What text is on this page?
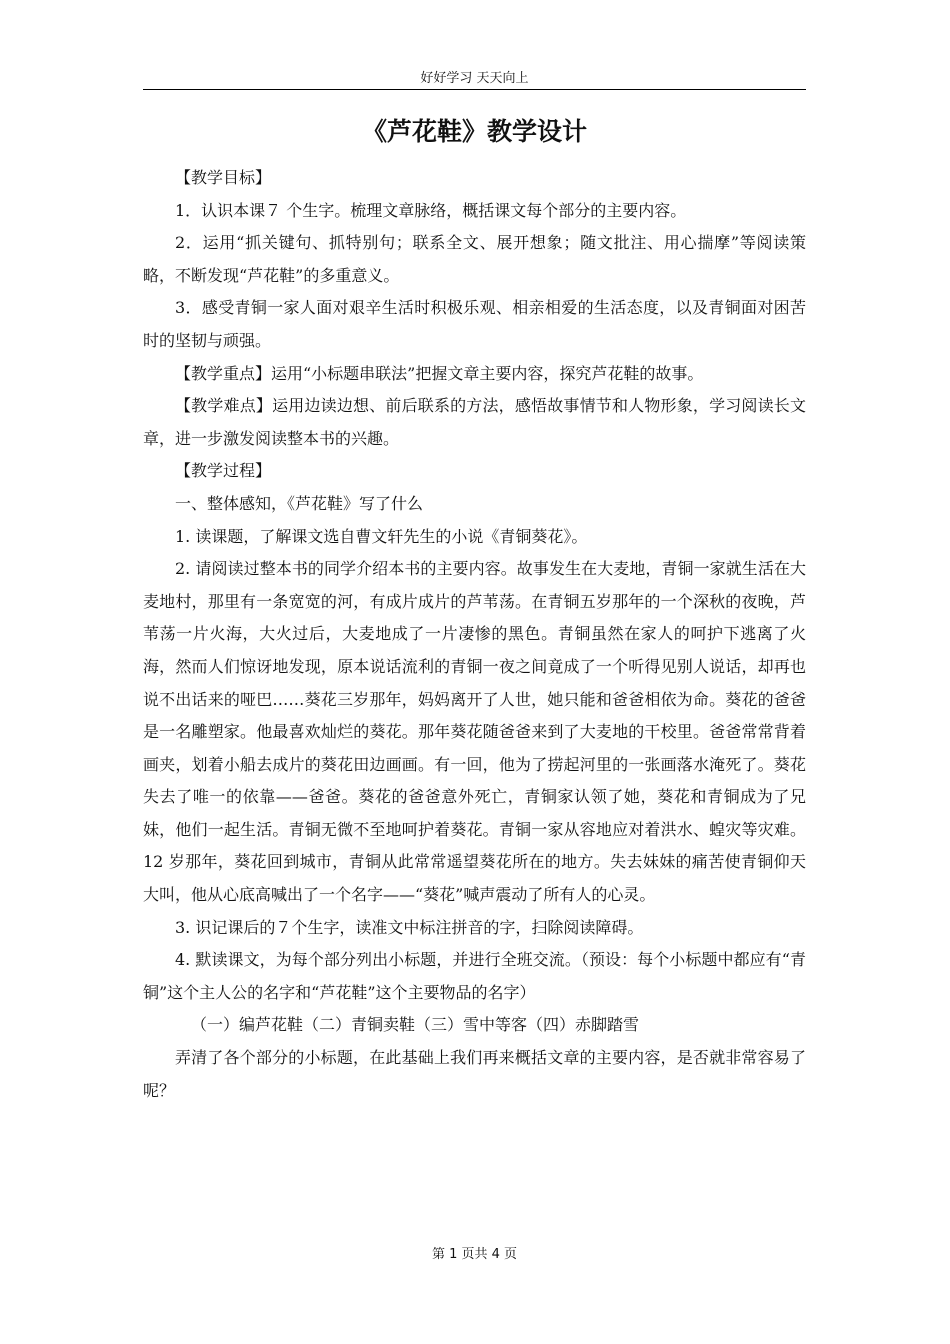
好好学习 天天向上
《芦花鞋》教学设计

【教学目标】

1．认识本课７ 个生字。梳理文章脉络，概括课文每个部分的主要内容。

2．运用“抓关键句、抓特别句；联系全文、展开想象；随文批注、用心揣摩”等阅读策略，不断发现“芦花鞋”的多重意义。

3．感受青铜一家人面对艰辛生活时积极乐观、相亲相爱的生活态度，以及青铜面对困苦时的坚韧与顽强。

【教学重点】运用“小标题串联法”把握文章主要内容，探究芦花鞋的故事。

【教学难点】运用边读边想、前后联系的方法，感悟故事情节和人物形象，学习阅读长文章，进一步激发阅读整本书的兴趣。

【教学过程】

一、整体感知，《芦花鞋》写了什么

1. 读课题，了解课文选自曹文轩先生的小说《青铜葵花》。

2. 请阅读过整本书的同学介绍本书的主要内容。故事发生在大麦地，青铜一家就生活在大麦地村，那里有一条宽宽的河，有成片成片的芦苇荡。在青铜五岁那年的一个深秋的夜晚，芦苇荡一片火海，大火过后，大麦地成了一片凄惨的黑色。青铜虽然在家人的呵护下逃离了火海，然而人们惊讶地发现，原本说话流利的青铜一夜之间竟成了一个听得见别人说话，却再也说不出话来的哑巴……葵花三岁那年，妈妈离开了人世，她只能和爸爸相依为命。葵花的爸爸是一名雕塑家。他最喜欢灿烂的葵花。那年葵花随爸爸来到了大麦地的干校里。爸爸常常背着画夹，划着小船去成片的葵花田边画画。有一回，他为了捞起河里的一张画落水淹死了。葵花失去了唯一的依靠——爸爸。葵花的爸爸意外死亡，青铜家认领了她，葵花和青铜成为了兄妹，他们一起生活。青铜无微不至地呵护着葵花。青铜一家从容地应对着洪水、蝗灾等灾难。12 岁那年，葵花回到城市，青铜从此常常遥望葵花所在的地方。失去妹妹的痛苦使青铜仰天大叫，他从心底高喊出了一个名字——“葵花”喊声震动了所有人的心灵。

3. 识记课后的７个生字，读准文中标注拼音的字，扫除阅读障碍。

4. 默读课文，为每个部分列出小标题，并进行全班交流。（预设：每个小标题中都应有“青铜”这个主人公的名字和“芦花鞋”这个主要物品的名字）

（一）编芦花鞋（二）青铜卖鞋（三）雪中等客（四）赤脚踏雪

弄清了各个部分的小标题，在此基础上我们再来概括文章的主要内容，是否就非常容易了呢？

第 1 页共 4 页
